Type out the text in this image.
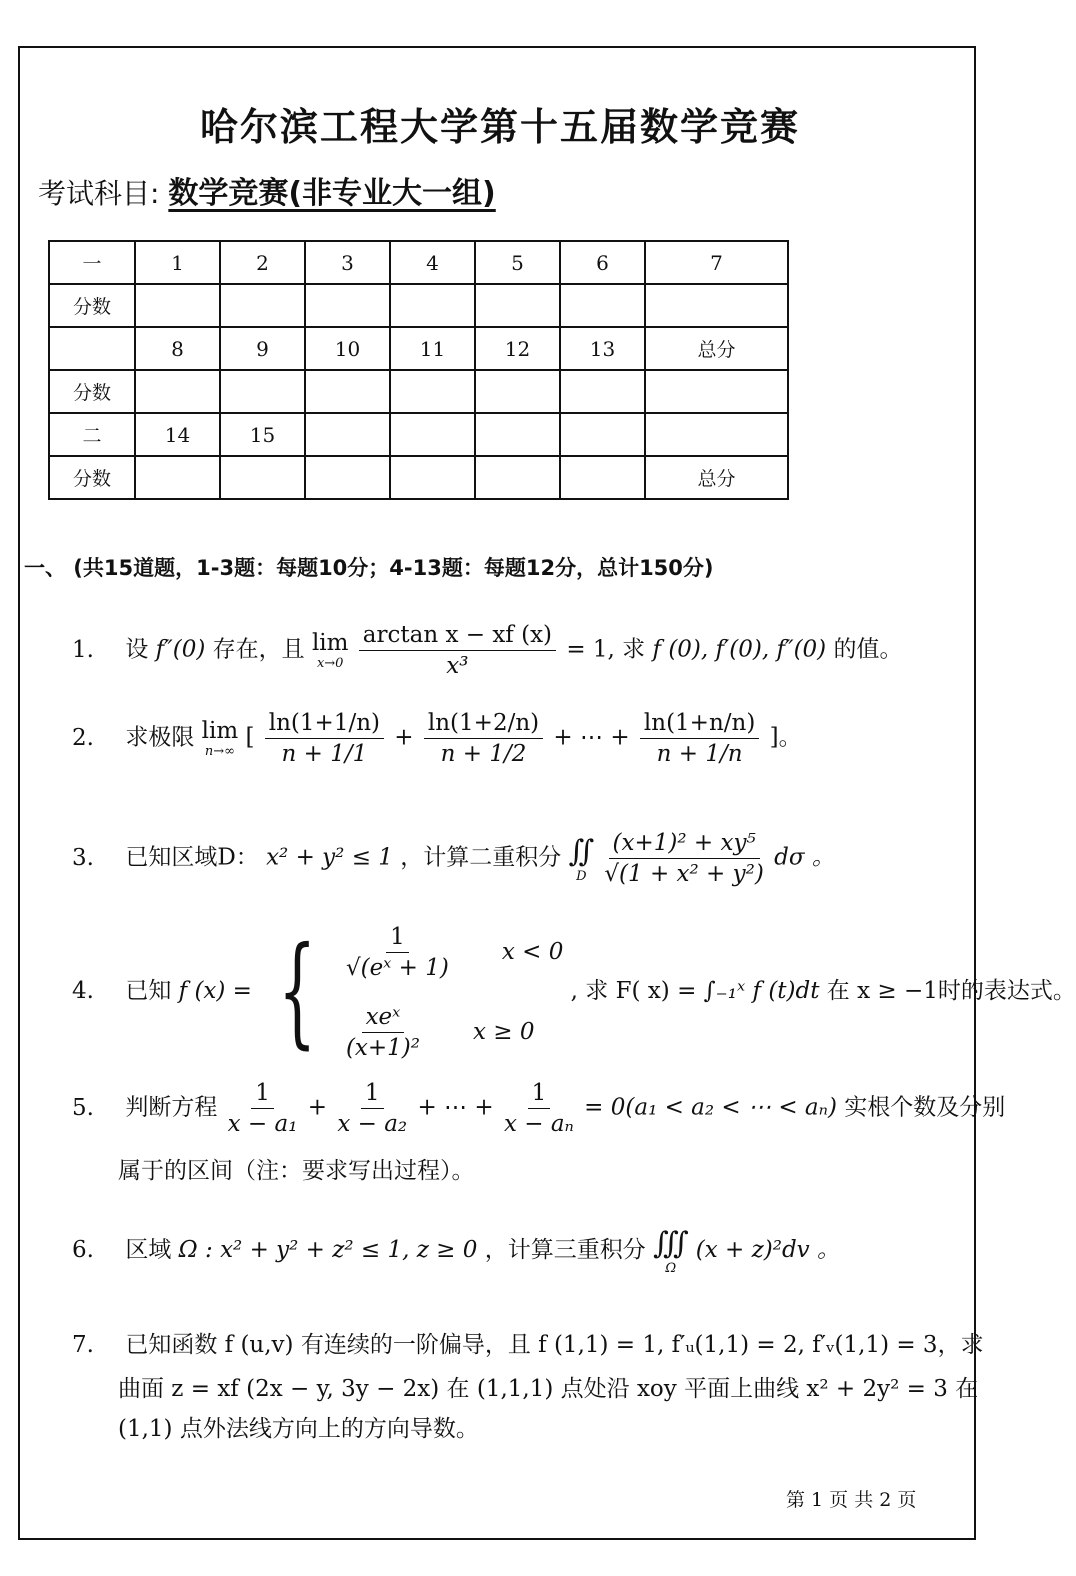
哈尔滨工程大学第十五届数学竞赛
考试科目: 数学竞赛(非专业大一组)
一	1	2	3	4	5	6	7
分数							
	8	9	10	11	12	13	总分
分数							
二	14	15					
分数							总分
一、 (共15道题，1-3题：每题10分；4-13题：每题12分，总计150分)
1. 设 f″(0) 存在，且 lim
x→0
$\frac{\text{arctan x − xf (x)}}{\text{x³}} = 1$, 求 f (0), f′(0), f″(0) 的值。
2. 求极限 lim
n→∞
[ $\frac{\ln(1+1/n)}{n + 1/1} + \frac{\ln(1+2/n)}{n + 1/2}$ + ⋯ + $\frac{\ln(1+n/n)}{n + 1/n}$ ]。
3. 已知区域D： x² + y² ≤ 1 ，计算二重积分 ∬
D
$\frac{\text{(x+1)² + xy⁵}}{\text{√(1 + x² + y²)}}$ dσ 。
4. 已知 f (x) = { $\frac{1}{\text{√(eˣ + 1)}}$ x < 0
$\frac{\text{xeˣ}}{\text{(x+1)²}}$ x ≥ 0
, 求 F( x) = ∫₋₁ˣ f (t)dt 在 x ≥ −1时的表达式。
5. 判断方程 $\frac{1}{\text{x − a₁}} + \frac{1}{\text{x − a₂}}$ + ⋯ + $\frac{1}{\text{x − aₙ}} = 0(a_1 < a_2$ < ⋯ < aₙ) 实根个数及分别
属于的区间（注：要求写出过程）。
6. 区域 Ω : x² + y² + z² ≤ 1, z ≥ 0 ，计算三重积分 ∭
Ω
(x + z)²dv 。
7. 已知函数 f (u,v) 有连续的一阶偏导，且 f (1,1) = 1, f′ᵤ(1,1) = 2, f′ᵥ(1,1) = 3，求
曲面 z = xf (2x − y, 3y − 2x) 在 (1,1,1) 点处沿 xoy 平面上曲线 x² + 2y² = 3 在
(1,1) 点外法线方向上的方向导数。
第 1 页 共 2 页
